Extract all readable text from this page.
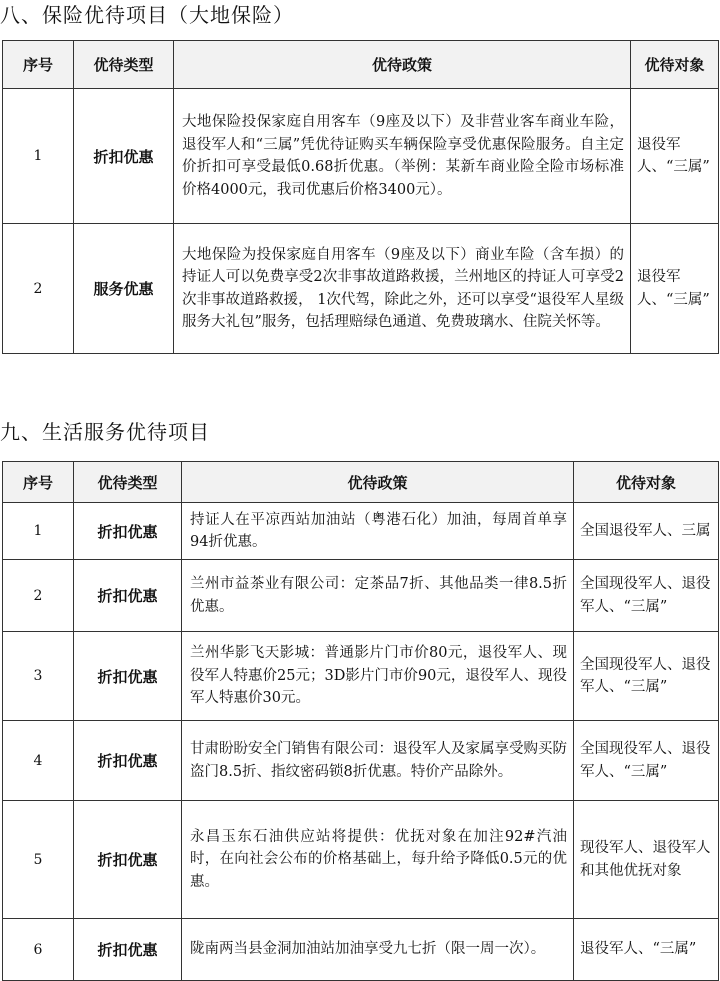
八、保险优待项目（大地保险）
序号	优待类型	优待政策	优待对象
1	折扣优惠	大地保险投保家庭自用客车（9座及以下）及非营业客车商业车险，退役军人和“三属”凭优待证购买车辆保险享受优惠保险服务。自主定价折扣可享受最低0.68折优惠。（举例：某新车商业险全险市场标准价格4000元，我司优惠后价格3400元）。	退役军人、“三属”
2	服务优惠	大地保险为投保家庭自用客车（9座及以下）商业车险（含车损）的持证人可以免费享受2次非事故道路救援，兰州地区的持证人可享受2次非事故道路救援， 1次代驾，除此之外，还可以享受“退役军人星级服务大礼包”服务，包括理赔绿色通道、免费玻璃水、住院关怀等。	退役军人、“三属”
九、生活服务优待项目
序号	优待类型	优待政策	优待对象
1	折扣优惠	持证人在平凉西站加油站（粤港石化）加油，每周首单享94折优惠。	全国退役军人、三属
2	折扣优惠	兰州市益茶业有限公司：定茶品7折、其他品类一律8.5折优惠。	全国现役军人、退役军人、“三属”
3	折扣优惠	兰州华影飞天影城：普通影片门市价80元，退役军人、现役军人特惠价25元；3D影片门市价90元，退役军人、现役军人特惠价30元。	全国现役军人、退役军人、“三属”
4	折扣优惠	甘肃盼盼安全门销售有限公司：退役军人及家属享受购买防盗门8.5折、指纹密码锁8折优惠。特价产品除外。	全国现役军人、退役军人、“三属”
5	折扣优惠	永昌玉东石油供应站将提供：优抚对象在加注92#汽油时，在向社会公布的价格基础上，每升给予降低0.5元的优惠。	现役军人、退役军人和其他优抚对象
6	折扣优惠	陇南两当县金洞加油站加油享受九七折（限一周一次）。	退役军人、“三属”
